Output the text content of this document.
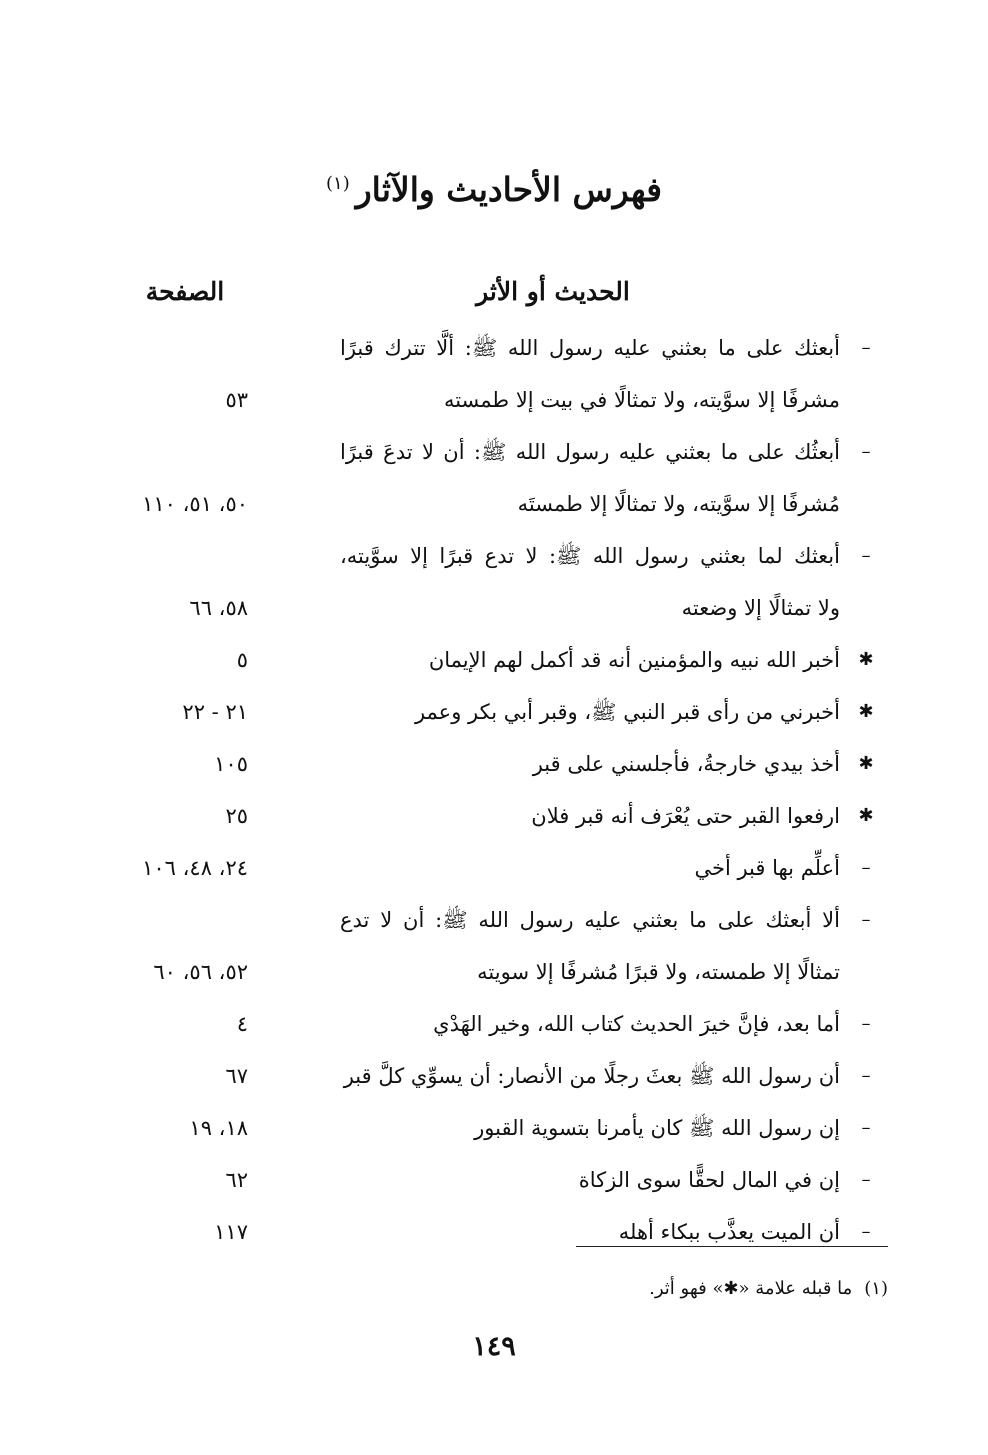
فهرس الأحاديث والآثار$^{(١)}$
الحديث أو الأثر
الصفحة
–
أبعثك على ما بعثني عليه رسول الله ﷺ: ألَّا تترك قبرًا
مشرفًا إلا سوَّيته، ولا تمثالًا في بيت إلا طمسته
٥٣
–
أبعثُك على ما بعثني عليه رسول الله ﷺ: أن لا تدعَ قبرًا
مُشرفًا إلا سوَّيته، ولا تمثالًا إلا طمستَه
٥٠، ٥١، ١١٠
–
أبعثك لما بعثني رسول الله ﷺ: لا تدع قبرًا إلا سوَّيته،
ولا تمثالًا إلا وضعته
٥٨، ٦٦
✱
أخبر الله نبيه والمؤمنين أنه قد أكمل لهم الإيمان
٥
✱
أخبرني من رأى قبر النبي ﷺ، وقبر أبي بكر وعمر
٢١ - ٢٢
✱
أخذ بيدي خارجةُ، فأجلسني على قبر
١٠٥
✱
ارفعوا القبر حتى يُعْرَف أنه قبر فلان
٢٥
–
أعلِّم بها قبر أخي
٢٤، ٤٨، ١٠٦
–
ألا أبعثك على ما بعثني عليه رسول الله ﷺ: أن لا تدع
تمثالًا إلا طمسته، ولا قبرًا مُشرفًا إلا سويته
٥٢، ٥٦، ٦٠
–
أما بعد، فإنَّ خيرَ الحديث كتاب الله، وخير الهَدْي
٤
–
أن رسول الله ﷺ بعثَ رجلًا من الأنصار: أن يسوِّي كلَّ قبر
٦٧
–
إن رسول الله ﷺ كان يأمرنا بتسوية القبور
١٨، ١٩
–
إن في المال لحقًّا سوى الزكاة
٦٢
–
أن الميت يعذَّب ببكاء أهله
١١٧
(١)ما قبله علامة «✱» فهو أثر.
١٤٩
